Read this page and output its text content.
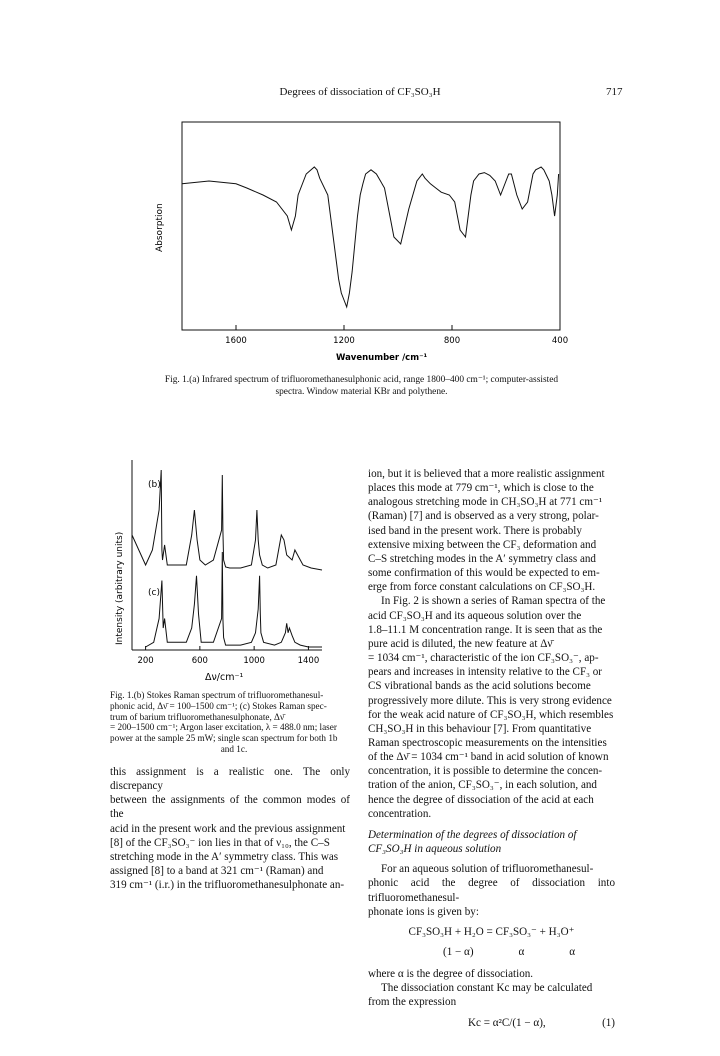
Degrees of dissociation of CF₃SO₃H	717
Absorption
1600	1200	800	400
Wavenumber /cm⁻¹
Fig. 1.(a) Infrared spectrum of trifluoromethanesulphonic acid, range 1800–400 cm⁻¹; computer-assisted
spectra. Window material KBr and polythene.
Intensity (arbitrary units)
(b)
(c)
200	600	1000	1400
Δν/cm⁻¹
Fig. 1.(b) Stokes Raman spectrum of trifluoromethanesul-
phonic acid, Δν̄ = 100–1500 cm⁻¹; (c) Stokes Raman spec-
trum of barium trifluoromethanesulphonate, Δν̄
= 200–1500 cm⁻¹; Argon laser excitation, λ = 488.0 nm; laser
power at the sample 25 mW; single scan spectrum for both 1b
and 1c.

this assignment is a realistic one. The only discrepancy
between the assignments of the common modes of the
acid in the present work and the previous assignment
[8] of the CF₃SO₃⁻ ion lies in that of ν₁₀, the C–S
stretching mode in the A′ symmetry class. This was
assigned [8] to a band at 321 cm⁻¹ (Raman) and
319 cm⁻¹ (i.r.) in the trifluoromethanesulphonate an-

ion, but it is believed that a more realistic assignment
places this mode at 779 cm⁻¹, which is close to the
analogous stretching mode in CH₃SO₃H at 771 cm⁻¹
(Raman) [7] and is observed as a very strong, polar-
ised band in the present work. There is probably
extensive mixing between the CF₃ deformation and
C–S stretching modes in the A′ symmetry class and
some confirmation of this would be expected to em-
erge from force constant calculations on CF₃SO₃H.

In Fig. 2 is shown a series of Raman spectra of the
acid CF₃SO₃H and its aqueous solution over the
1.8–11.1 M concentration range. It is seen that as the
pure acid is diluted, the new feature at Δν̄
= 1034 cm⁻¹, characteristic of the ion CF₃SO₃⁻, ap-
pears and increases in intensity relative to the CF₃ or
CS vibrational bands as the acid solutions become
progressively more dilute. This is very strong evidence
for the weak acid nature of CF₃SO₃H, which resembles
CH₃SO₃H in this behaviour [7]. From quantitative
Raman spectroscopic measurements on the intensities
of the Δν̄ = 1034 cm⁻¹ band in acid solution of known
concentration, it is possible to determine the concen-
tration of the anion, CF₃SO₃⁻, in each solution, and
hence the degree of dissociation of the acid at each
concentration.

Determination of the degrees of dissociation of
CF₃SO₃H in aqueous solution

For an aqueous solution of trifluoromethanesul-
phonic acid the degree of dissociation into trifluoromethanesul-
phonate ions is given by:

CF₃SO₃H + H₂O = CF₃SO₃⁻ + H₃O⁺

(1 − α)	α	α

where α is the degree of dissociation.

The dissociation constant Kc may be calculated
from the expression

Kc = α²C/(1 − α),	(1)
